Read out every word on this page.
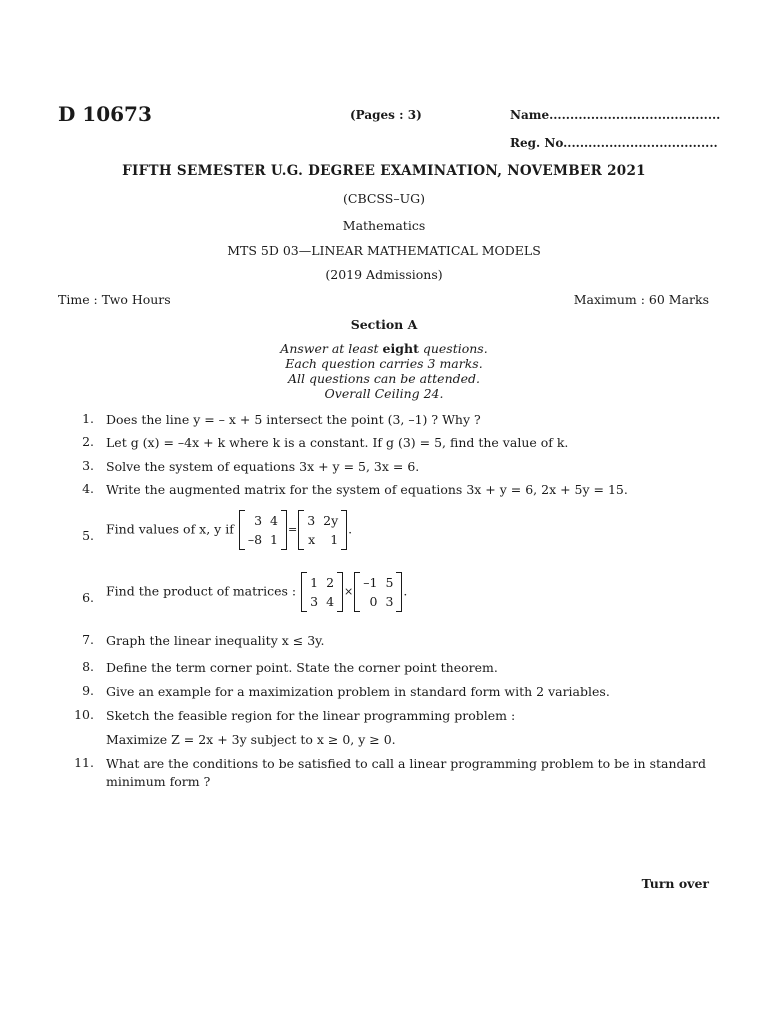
D 10673	(Pages : 3)	Name.........................................
Reg. No.....................................
FIFTH SEMESTER U.G. DEGREE EXAMINATION, NOVEMBER 2021
(CBCSS–UG)
Mathematics
MTS 5D 03—LINEAR MATHEMATICAL MODELS
(2019 Admissions)
Time : Two Hours	Maximum : 60 Marks
Section A
Answer at least eight questions.
Each question carries 3 marks.
All questions can be attended.
Overall Ceiling 24.
1. Does the line y = – x + 5 intersect the point (3, –1) ? Why ?
2. Let g (x) = –4x + k where k is a constant. If g (3) = 5, find the value of k.
3. Solve the system of equations 3x + y = 5, 3x = 6.
4. Write the augmented matrix for the system of equations 3x + y = 6, 2x + 5y = 15.
5. Find values of x, y if
3	4
–8	1
=
3	2y
x	1
.
6. Find the product of matrices :
1	2
3	4
×
–1	5
0	3
.
7. Graph the linear inequality x ≤ 3y.
8. Define the term corner point. State the corner point theorem.
9. Give an example for a maximization problem in standard form with 2 variables.
10. Sketch the feasible region for the linear programming problem :
Maximize Z = 2x + 3y subject to x ≥ 0, y ≥ 0.
11. What are the conditions to be satisfied to call a linear programming problem to be in standard minimum form ?
Turn over
